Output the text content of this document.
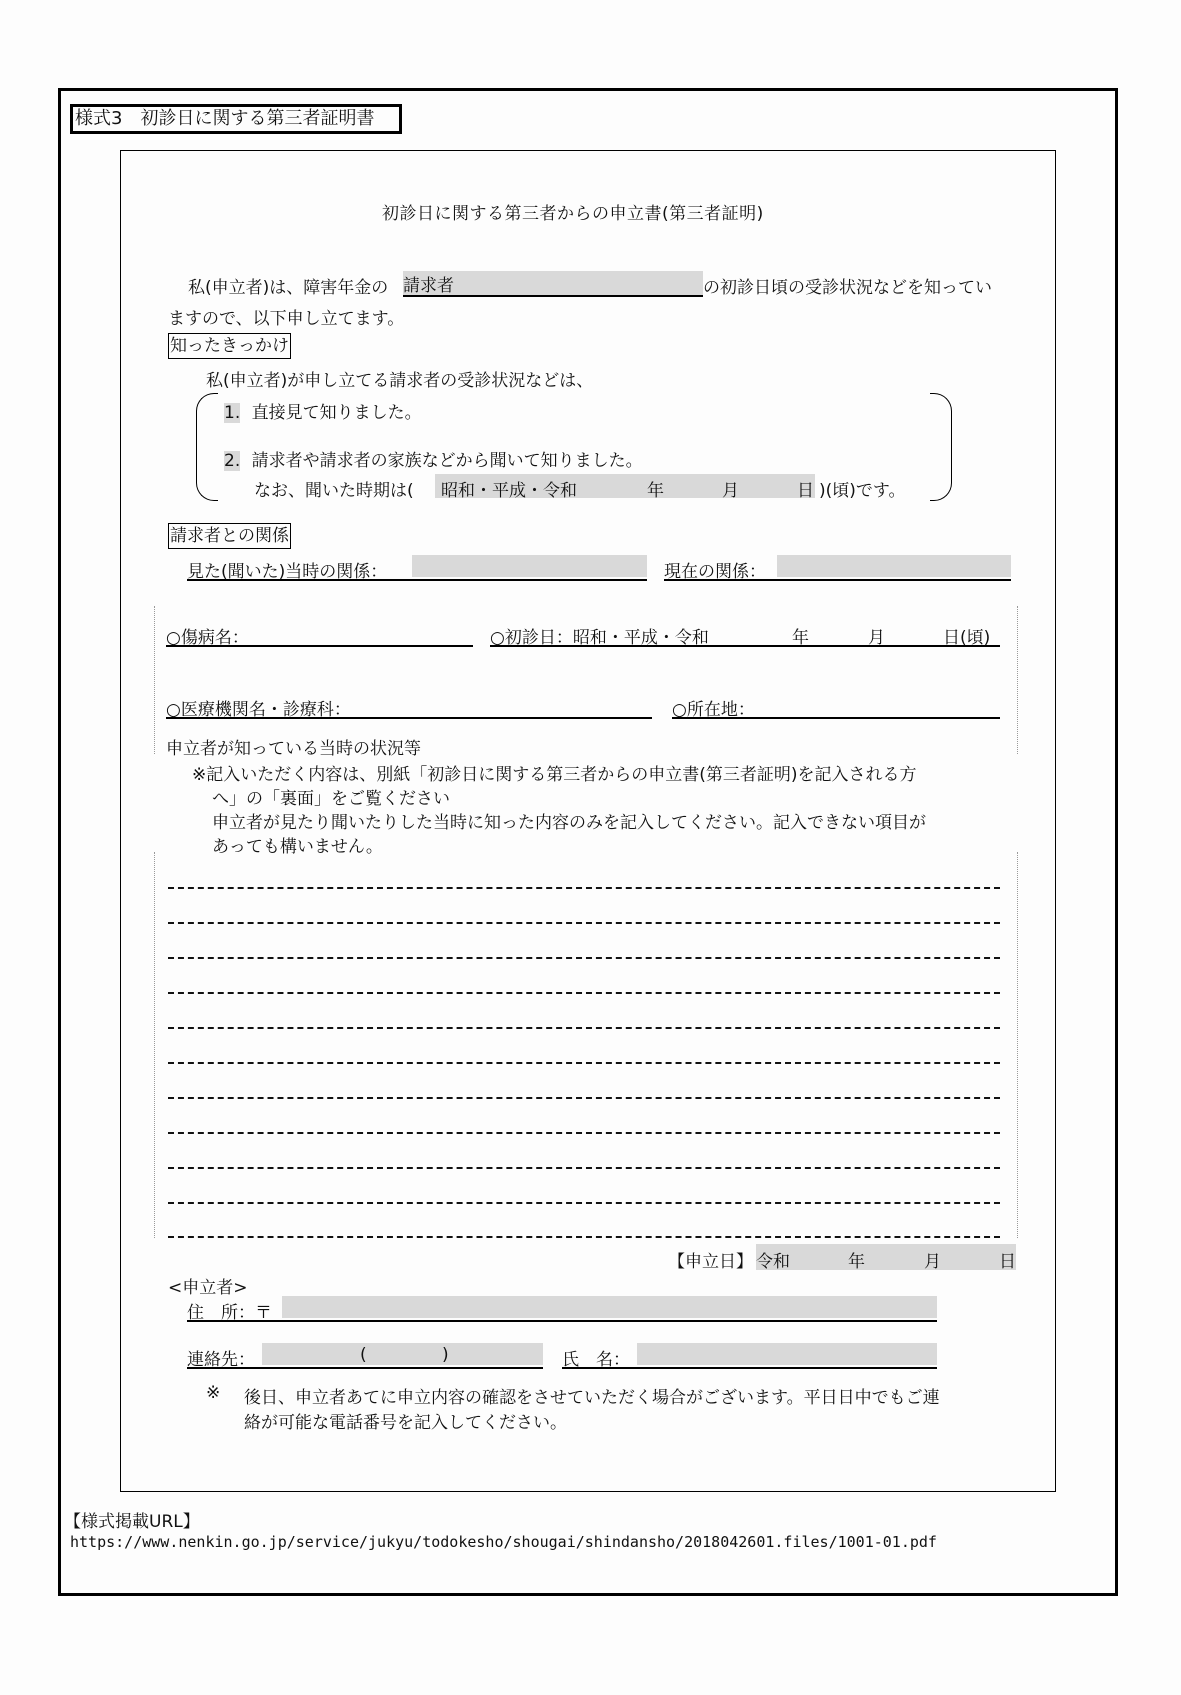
様式3　初診日に関する第三者証明書
初診日に関する第三者からの申立書(第三者証明)
私(申立者)は、障害年金の 請求者	の初診日頃の受診状況などを知ってい
ますので、以下申し立てます。
知ったきっかけ
私(申立者)が申し立てる請求者の受診状況などは、
1. 直接見て知りました。
2. 請求者や請求者の家族などから聞いて知りました。
なお、聞いた時期は( 昭和・平成・令和	年	月	日 )(頃)です。
請求者との関係
見た(聞いた)当時の関係：	現在の関係：
○傷病名：	○初診日：昭和・平成・令和	年	月	日(頃)
○医療機関名・診療科：	○所在地：
申立者が知っている当時の状況等
※記入いただく内容は、別紙「初診日に関する第三者からの申立書(第三者証明)を記入される方
へ」の「裏面」をご覧ください
申立者が見たり聞いたりした当時に知った内容のみを記入してください。記入できない項目が
あっても構いません。
【申立日】 令和	年	月	日
<申立者>
住　所：〒
連絡先：	(	)	氏　名：
※ 後日、申立者あてに申立内容の確認をさせていただく場合がございます。平日日中でもご連
絡が可能な電話番号を記入してください。
【様式掲載URL】
https://www.nenkin.go.jp/service/jukyu/todokesho/shougai/shindansho/2018042601.files/1001-01.pdf
